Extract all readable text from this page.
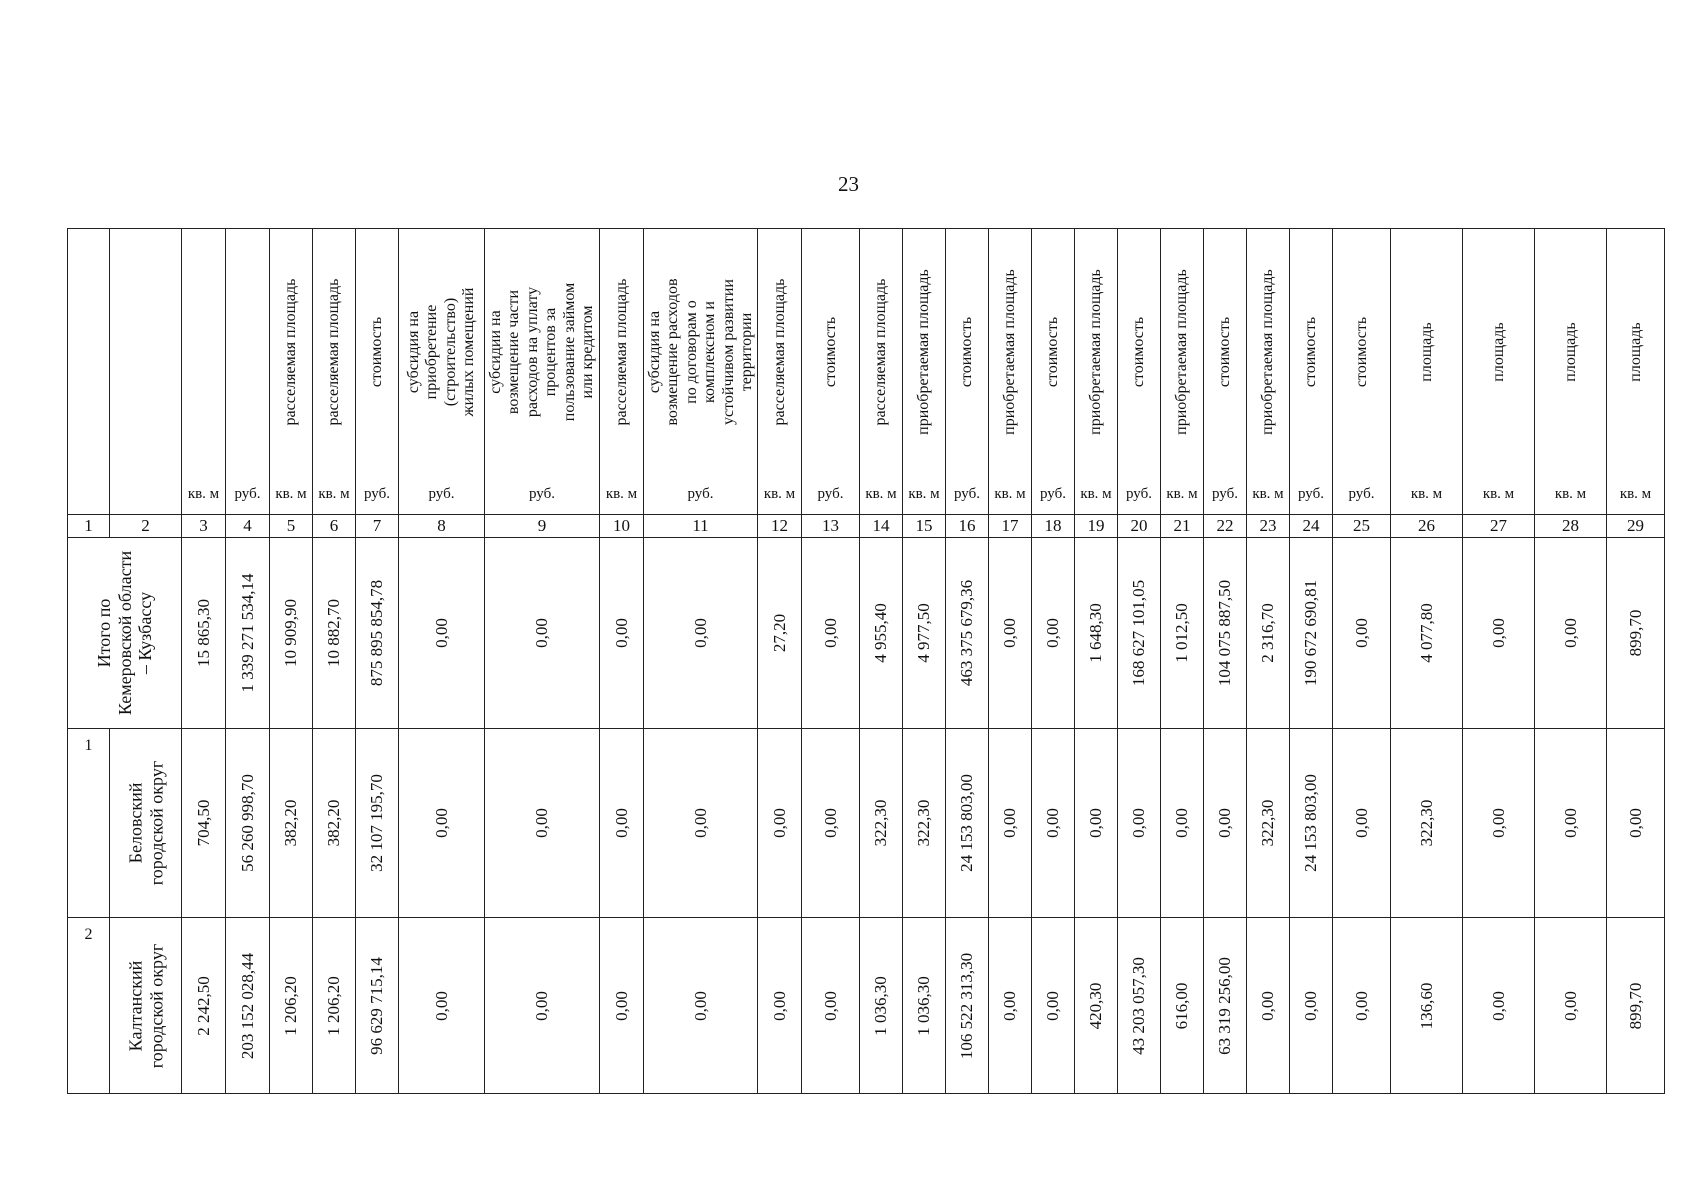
23

				расселяемая площадь	расселяемая площадь	стоимость	субсидия на приобретение (строительство) жилых помещений	субсидии на возмещение части расходов на уплату процентов за пользование займом или кредитом	расселяемая площадь	субсидия на возмещение расходов по договорам о комплексном и устойчивом развитии территории	расселяемая площадь	стоимость	расселяемая площадь	приобретаемая площадь	стоимость	приобретаемая площадь	стоимость	приобретаемая площадь	стоимость	приобретаемая площадь	стоимость	приобретаемая площадь	стоимость	стоимость	площадь	площадь	площадь	площадь

		кв. м	руб.	кв. м	кв. м	руб.	руб.	руб.	кв. м	руб.	кв. м	руб.	кв. м	кв. м	руб.	кв. м	руб.	кв. м	руб.	кв. м	руб.	кв. м	руб.	руб.	кв. м	кв. м	кв. м	кв. м
1	2	3	4	5	6	7	8	9	10	11	12	13	14	15	16	17	18	19	20	21	22	23	24	25	26	27	28	29

Итого по Кемеровской области – Кузбассу		15 865,30	1 339 271 534,14	10 909,90	10 882,70	875 895 854,78	0,00	0,00	0,00	0,00	27,20	0,00	4 955,40	4 977,50	463 375 679,36	0,00	0,00	1 648,30	168 627 101,05	1 012,50	104 075 887,50	2 316,70	190 672 690,81	0,00	4 077,80	0,00	0,00	899,70

1	Беловский городской округ	704,50	56 260 998,70	382,20	382,20	32 107 195,70	0,00	0,00	0,00	0,00	0,00	0,00	322,30	322,30	24 153 803,00	0,00	0,00	0,00	0,00	0,00	0,00	322,30	24 153 803,00	0,00	322,30	0,00	0,00	0,00

2	Калтанский городской округ	2 242,50	203 152 028,44	1 206,20	1 206,20	96 629 715,14	0,00	0,00	0,00	0,00	0,00	0,00	1 036,30	1 036,30	106 522 313,30	0,00	0,00	420,30	43 203 057,30	616,00	63 319 256,00	0,00	0,00	0,00	136,60	0,00	0,00	899,70
